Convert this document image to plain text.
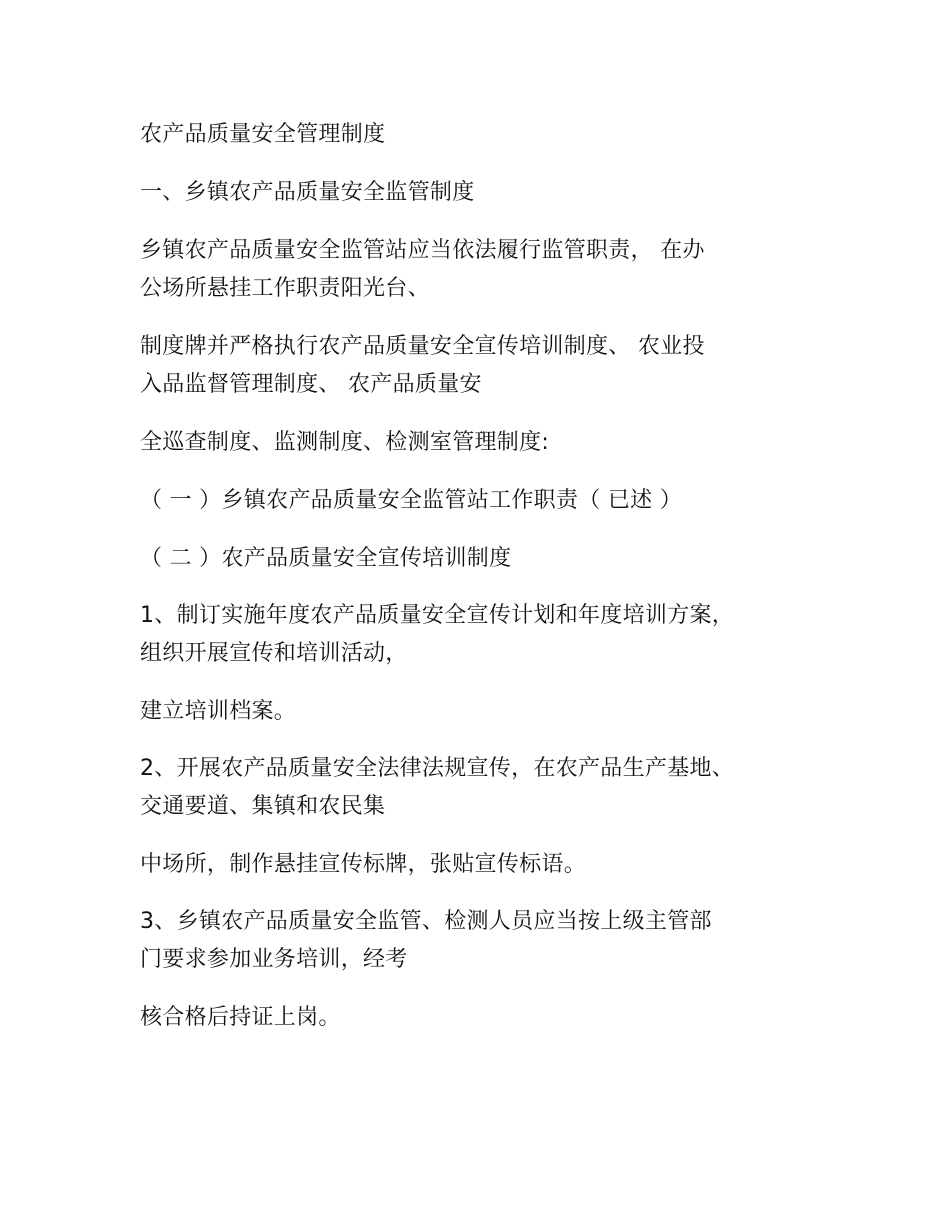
农产品质量安全管理制度
一、乡镇农产品质量安全监管制度
乡镇农产品质量安全监管站应当依法履行监管职责， 在办
公场所悬挂工作职责阳光台、
制度牌并严格执行农产品质量安全宣传培训制度、 农业投
入品监督管理制度、 农产品质量安
全巡查制度、监测制度、检测室管理制度:
（ 一 ）乡镇农产品质量安全监管站工作职责（ 已述 ）
（ 二 ）农产品质量安全宣传培训制度
1、制订实施年度农产品质量安全宣传计划和年度培训方案，
组织开展宣传和培训活动，
建立培训档案。
2、开展农产品质量安全法律法规宣传，在农产品生产基地、
交通要道、集镇和农民集
中场所，制作悬挂宣传标牌，张贴宣传标语。
3、乡镇农产品质量安全监管、检测人员应当按上级主管部
门要求参加业务培训，经考
核合格后持证上岗。
